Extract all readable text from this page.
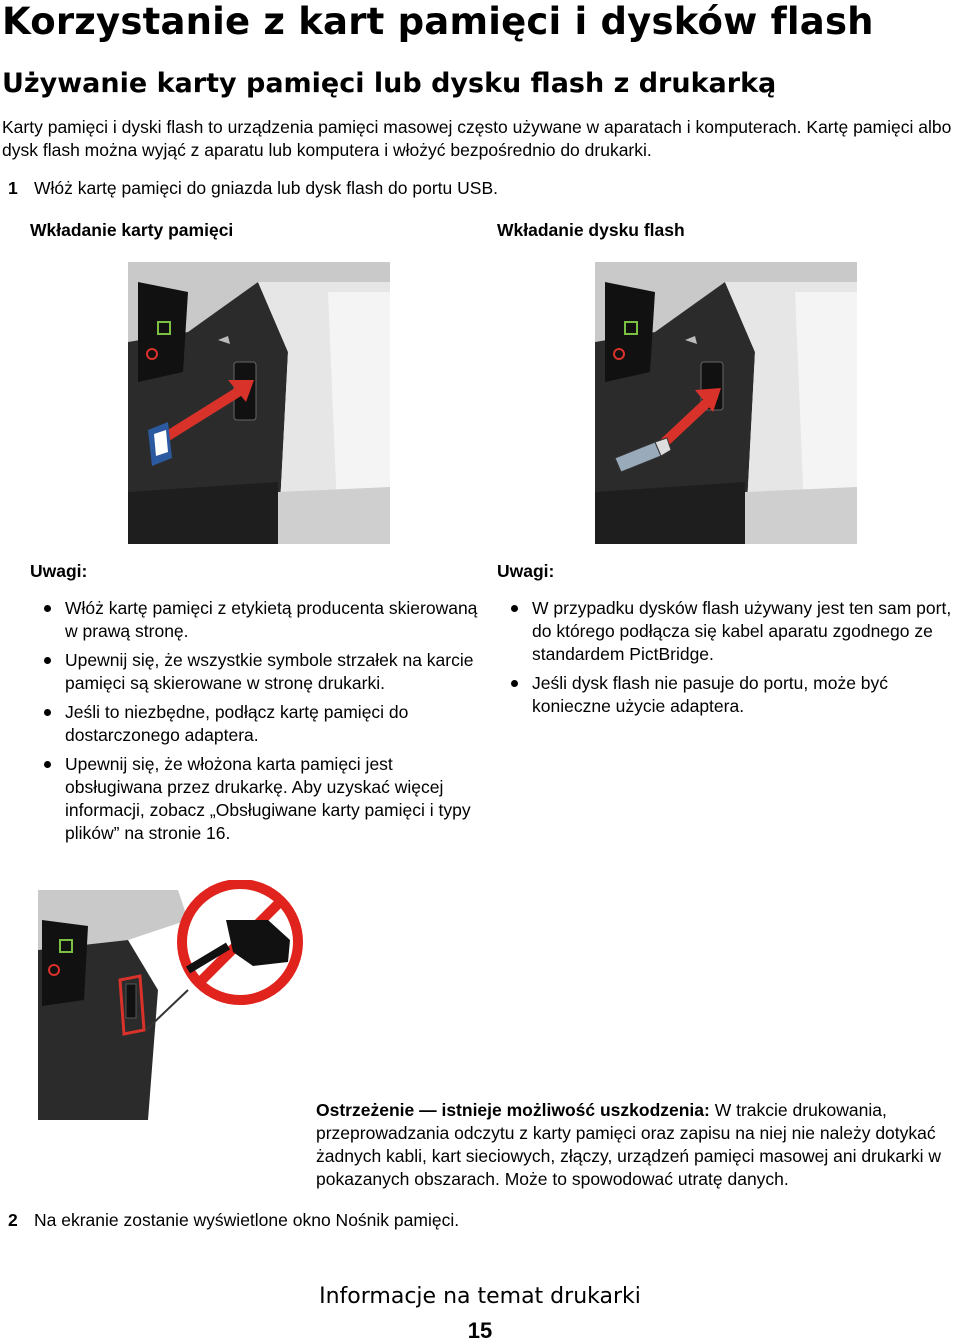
Korzystanie z kart pamięci i dysków flash
Używanie karty pamięci lub dysku flash z drukarką
Karty pamięci i dyski flash to urządzenia pamięci masowej często używane w aparatach i komputerach. Kartę pamięci albo dysk flash można wyjąć z aparatu lub komputera i włożyć bezpośrednio do drukarki.
1 Włóż kartę pamięci do gniazda lub dysk flash do portu USB.
Wkładanie karty pamięci	Wkładanie dysku flash
Uwagi:
Włóż kartę pamięci z etykietą producenta skierowaną w prawą stronę.
Upewnij się, że wszystkie symbole strzałek na karcie pamięci są skierowane w stronę drukarki.
Jeśli to niezbędne, podłącz kartę pamięci do dostarczonego adaptera.
Upewnij się, że włożona karta pamięci jest obsługiwana przez drukarkę. Aby uzyskać więcej informacji, zobacz „Obsługiwane karty pamięci i typy plików” na stronie 16.
Uwagi:
W przypadku dysków flash używany jest ten sam port, do którego podłącza się kabel aparatu zgodnego ze standardem PictBridge.
Jeśli dysk flash nie pasuje do portu, może być konieczne użycie adaptera.
Ostrzeżenie — istnieje możliwość uszkodzenia: W trakcie drukowania, przeprowadzania odczytu z karty pamięci oraz zapisu na niej nie należy dotykać żadnych kabli, kart sieciowych, złączy, urządzeń pamięci masowej ani drukarki w pokazanych obszarach. Może to spowodować utratę danych.
2 Na ekranie zostanie wyświetlone okno Nośnik pamięci.
Informacje na temat drukarki
15
